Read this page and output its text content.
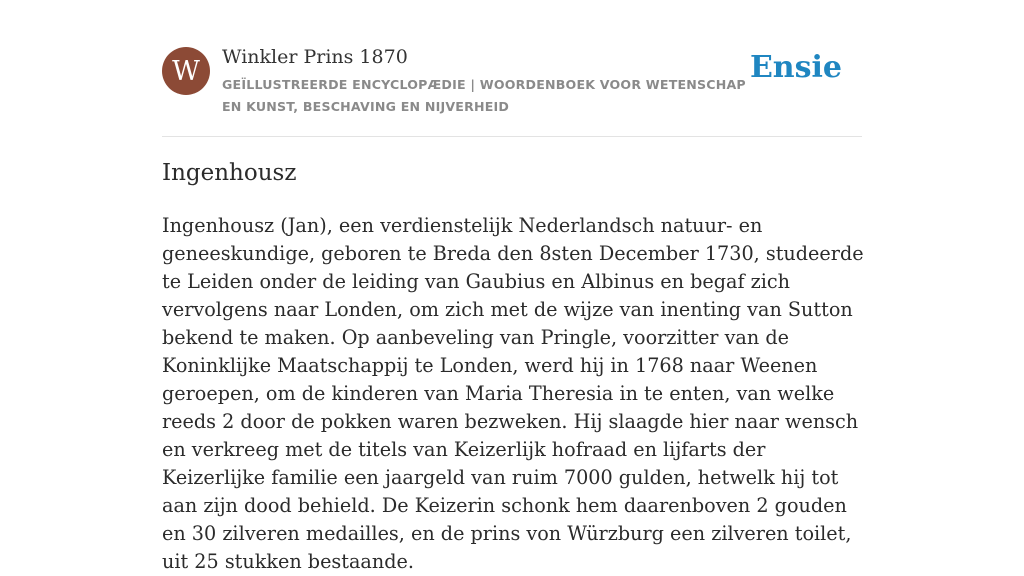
W Winkler Prins 1870
GEÏLLUSTREERDE ENCYCLOPÆDIE | WOORDENBOEK VOOR WETENSCHAP EN KUNST, BESCHAVING EN NIJVERHEID
Ensie
Ingenhousz

Ingenhousz (Jan), een verdienstelijk Nederlandsch natuur- en geneeskundige, geboren te Breda den 8sten December 1730, studeerde te Leiden onder de leiding van Gaubius en Albinus en begaf zich vervolgens naar Londen, om zich met de wijze van inenting van Sutton bekend te maken. Op aanbeveling van Pringle, voorzitter van de Koninklijke Maatschappij te Londen, werd hij in 1768 naar Weenen geroepen, om de kinderen van Maria Theresia in te enten, van welke reeds 2 door de pokken waren bezweken. Hij slaagde hier naar wensch en verkreeg met de titels van Keizerlijk hofraad en lijfarts der Keizerlijke familie een jaargeld van ruim 7000 gulden, hetwelk hij tot aan zijn dood behield. De Keizerin schonk hem daarenboven 2 gouden en 30 zilveren medailles, en de prins von Würzburg een zilveren toilet, uit 25 stukken bestaande.
